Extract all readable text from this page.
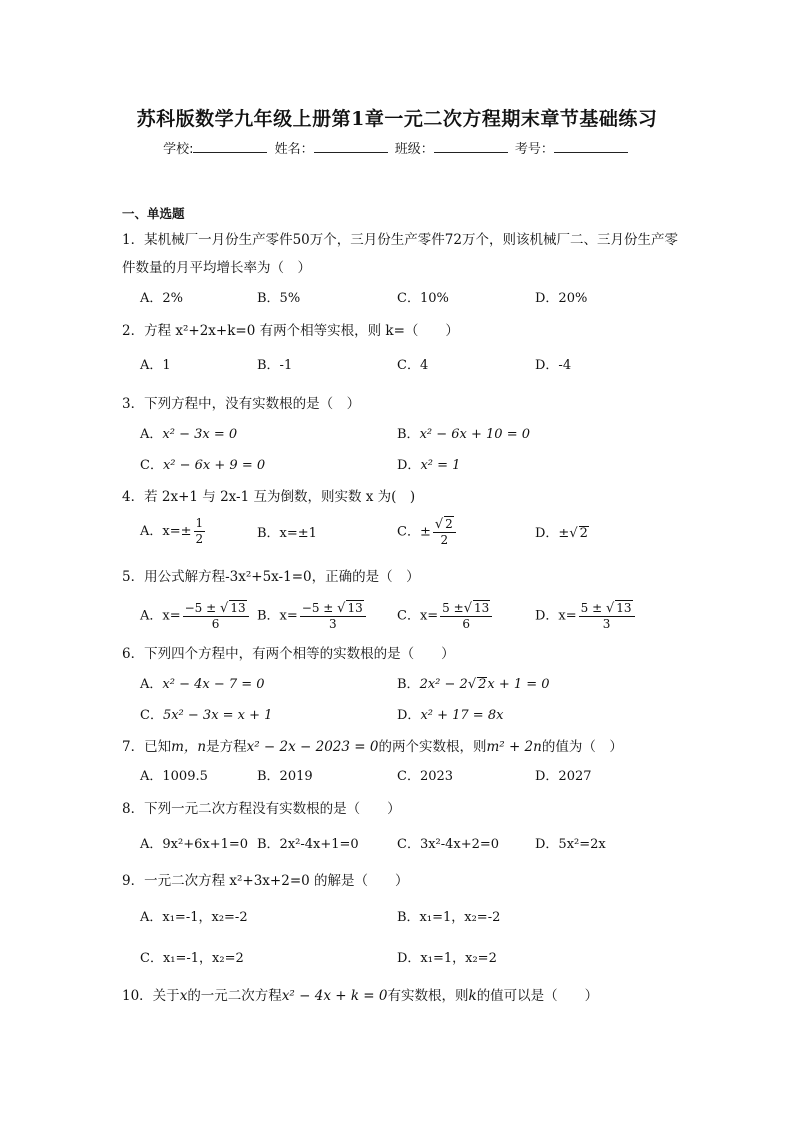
苏科版数学九年级上册第1章一元二次方程期末章节基础练习
学校:	姓名：	班级：	考号：
一、单选题
1．某机械厂一月份生产零件50万个，三月份生产零件72万个，则该机械厂二、三月份生产零件数量的月平均增长率为（　）
A．2%	B．5%	C．10%	D．20%
2．方程 x²+2x+k=0 有两个相等实根，则 k=（　　）
A．1	B．-1	C．4	D．-4
3．下列方程中，没有实数根的是（　）
A．x² − 3x = 0	B．x² − 6x + 10 = 0
C．x² − 6x + 9 = 0	D．x² = 1
4．若 2x+1 与 2x-1 互为倒数，则实数 x 为(　)
A．$x=\pm \frac{1}{2}$	B．x=±1	C．± $\frac{√ 2}{2}$	D．±√ 2
5．用公式解方程-3x²+5x-1=0，正确的是（　）
A．$x= \frac{-5 \pm √ 13}{6}$ B．$x= \frac{-5 \pm √ 13}{3}$ C．$x= \frac{5 \pm√ 13}{6}$	D．$x= \frac{5 \pm √ 13}{3}$
6．下列四个方程中，有两个相等的实数根的是（　　）
A．x² − 4x − 7 = 0	B．2x² − 2√ 2x + 1 = 0
C．5x² − 3x = x + 1	D．x² + 17 = 8x
7．已知m，n是方程x² − 2x − 2023 = 0的两个实数根，则m² + 2n的值为（　）
A．1009.5	B．2019	C．2023	D．2027
8．下列一元二次方程没有实数根的是（　　）
A．9x²+6x+1=0 B．2x²-4x+1=0	C．3x²-4x+2=0	D．5x²=2x
9．一元二次方程 x²+3x+2=0 的解是（　　）
A．x₁=-1，x₂=-2	B．x₁=1，x₂=-2
C．x₁=-1，x₂=2	D．x₁=1，x₂=2
10．关于x的一元二次方程x² − 4x + k = 0有实数根，则k的值可以是（　　）
